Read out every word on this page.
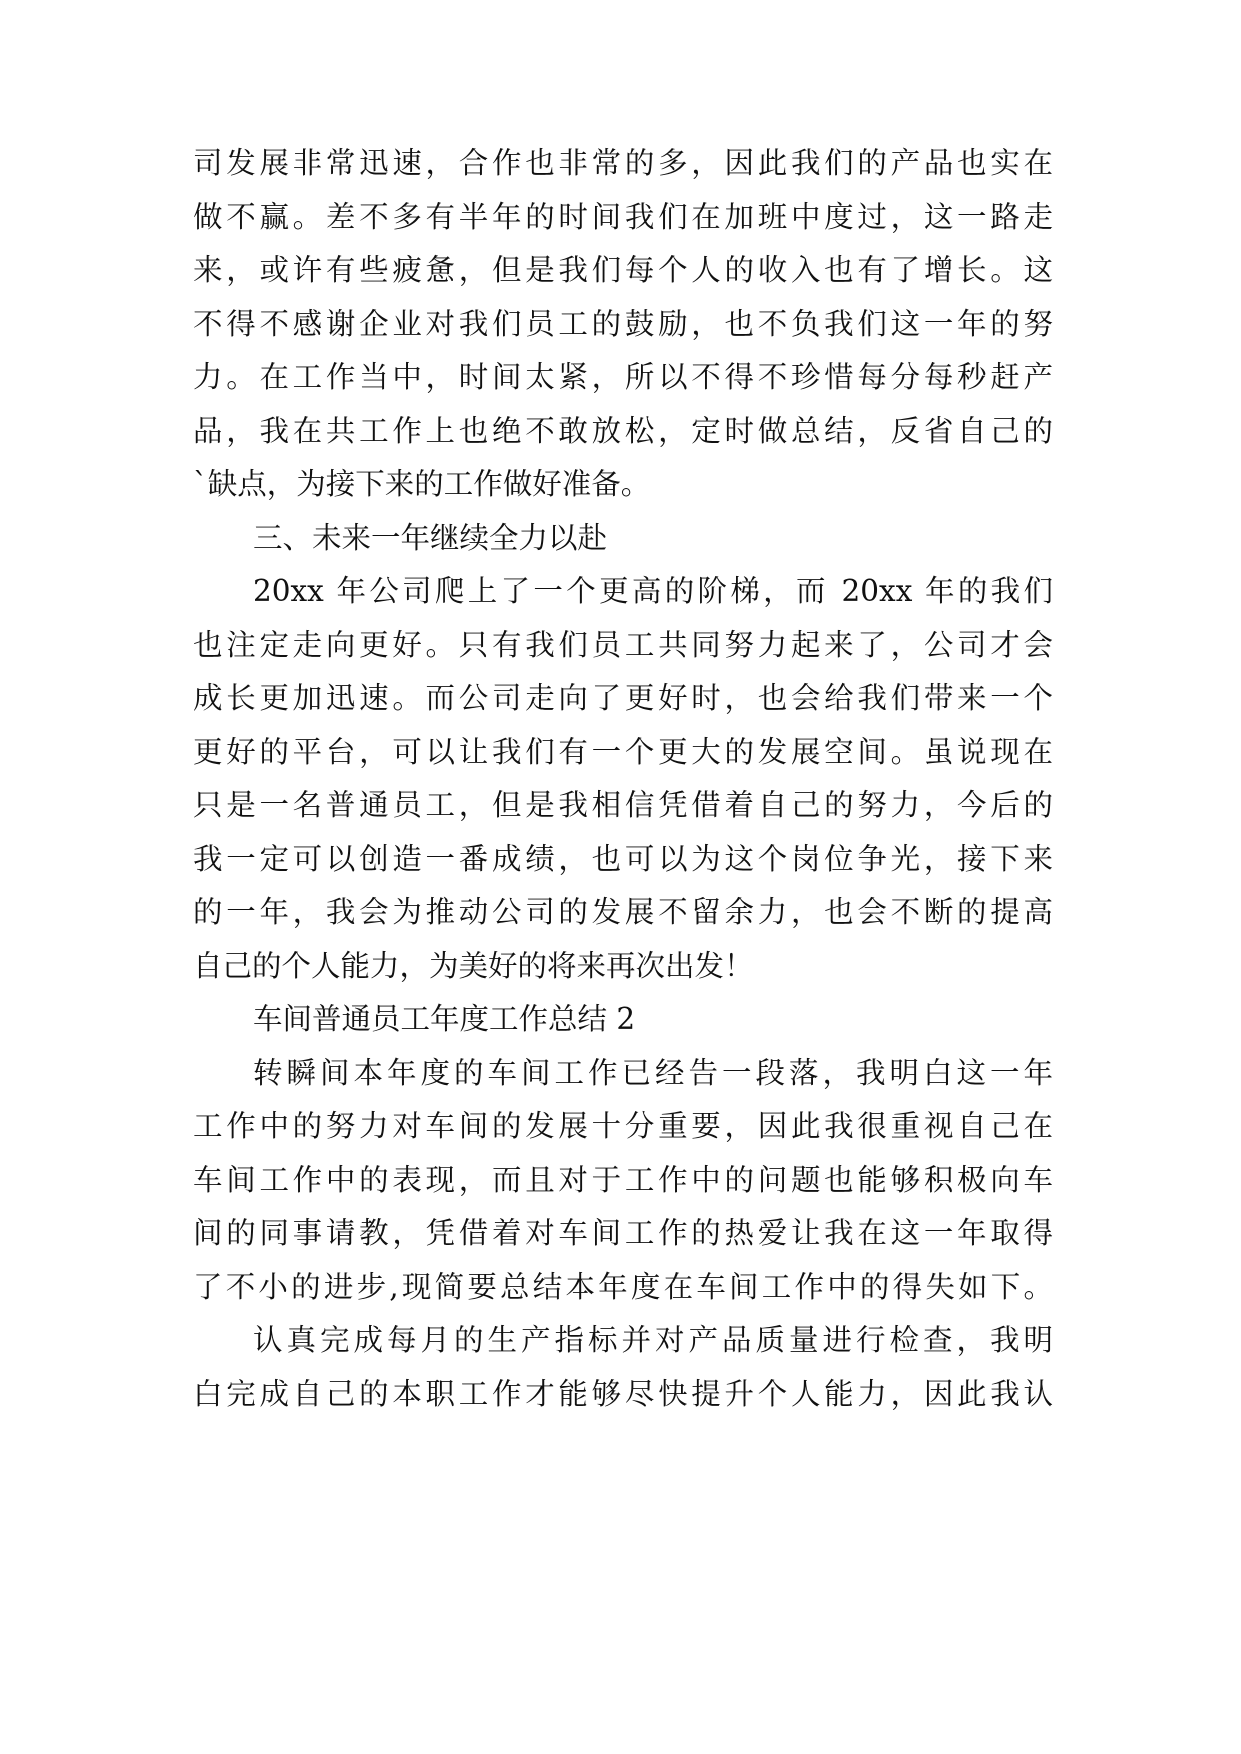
司发展非常迅速，合作也非常的多，因此我们的产品也实在
做不赢。差不多有半年的时间我们在加班中度过，这一路走
来，或许有些疲惫，但是我们每个人的收入也有了增长。这
不得不感谢企业对我们员工的鼓励，也不负我们这一年的努
力。在工作当中，时间太紧，所以不得不珍惜每分每秒赶产
品，我在共工作上也绝不敢放松，定时做总结，反省自己的
`缺点，为接下来的工作做好准备。
三、未来一年继续全力以赴
20xx 年公司爬上了一个更高的阶梯，而 20xx 年的我们
也注定走向更好。只有我们员工共同努力起来了，公司才会
成长更加迅速。而公司走向了更好时，也会给我们带来一个
更好的平台，可以让我们有一个更大的发展空间。虽说现在
只是一名普通员工，但是我相信凭借着自己的努力，今后的
我一定可以创造一番成绩，也可以为这个岗位争光，接下来
的一年，我会为推动公司的发展不留余力，也会不断的提高
自己的个人能力，为美好的将来再次出发！
车间普通员工年度工作总结 2
转瞬间本年度的车间工作已经告一段落，我明白这一年
工作中的努力对车间的发展十分重要，因此我很重视自己在
车间工作中的表现，而且对于工作中的问题也能够积极向车
间的同事请教，凭借着对车间工作的热爱让我在这一年取得
了不小的进步,现简要总结本年度在车间工作中的得失如下。
认真完成每月的生产指标并对产品质量进行检查，我明
白完成自己的本职工作才能够尽快提升个人能力，因此我认
